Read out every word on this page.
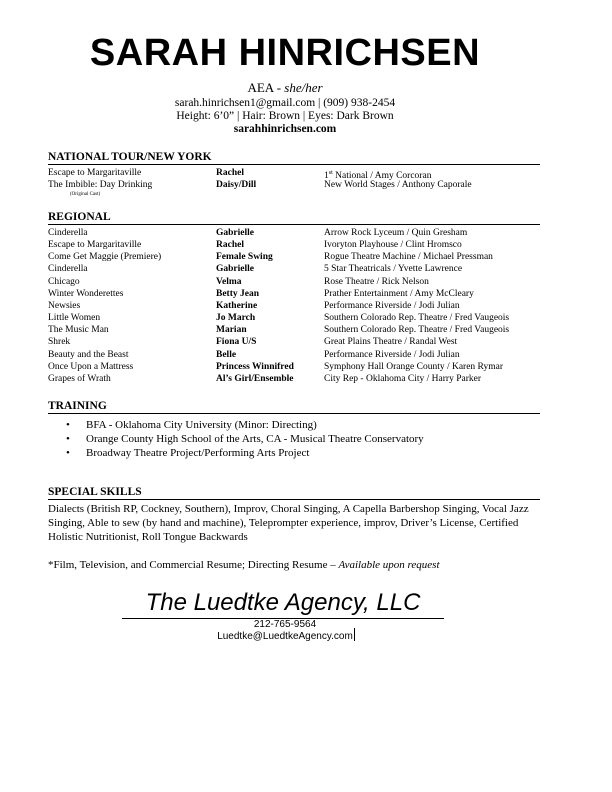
SARAH HINRICHSEN
AEA - she/her
sarah.hinrichsen1@gmail.com | (909) 938-2454
Height: 6’0” | Hair: Brown | Eyes: Dark Brown
sarahhinrichsen.com
NATIONAL TOUR/NEW YORK
Escape to Margaritaville	Rachel	1st National / Amy Corcoran
The Imbible: Day Drinking	Daisy/Dill	New World Stages / Anthony Caporale
(Original Cast)
REGIONAL
Cinderella	Gabrielle	Arrow Rock Lyceum / Quin Gresham
Escape to Margaritaville	Rachel	Ivoryton Playhouse / Clint Hromsco
Come Get Maggie (Premiere)	Female Swing	Rogue Theatre Machine / Michael Pressman
Cinderella	Gabrielle	5 Star Theatricals / Yvette Lawrence
Chicago	Velma	Rose Theatre / Rick Nelson
Winter Wonderettes	Betty Jean	Prather Entertainment / Amy McCleary
Newsies	Katherine	Performance Riverside / Jodi Julian
Little Women	Jo March	Southern Colorado Rep. Theatre / Fred Vaugeois
The Music Man	Marian	Southern Colorado Rep. Theatre / Fred Vaugeois
Shrek	Fiona U/S	Great Plains Theatre / Randal West
Beauty and the Beast	Belle	Performance Riverside / Jodi Julian
Once Upon a Mattress	Princess Winnifred	Symphony Hall Orange County / Karen Rymar
Grapes of Wrath	Al’s Girl/Ensemble	City Rep - Oklahoma City / Harry Parker
TRAINING
• BFA - Oklahoma City University (Minor: Directing)
• Orange County High School of the Arts, CA - Musical Theatre Conservatory
• Broadway Theatre Project/Performing Arts Project
SPECIAL SKILLS
Dialects (British RP, Cockney, Southern), Improv, Choral Singing, A Capella Barbershop Singing, Vocal Jazz Singing, Able to sew (by hand and machine), Teleprompter experience, improv, Driver’s License, Certified Holistic Nutritionist, Roll Tongue Backwards
*Film, Television, and Commercial Resume; Directing Resume – Available upon request
The Luedtke Agency, LLC
212-765-9564
Luedtke@LuedtkeAgency.com
